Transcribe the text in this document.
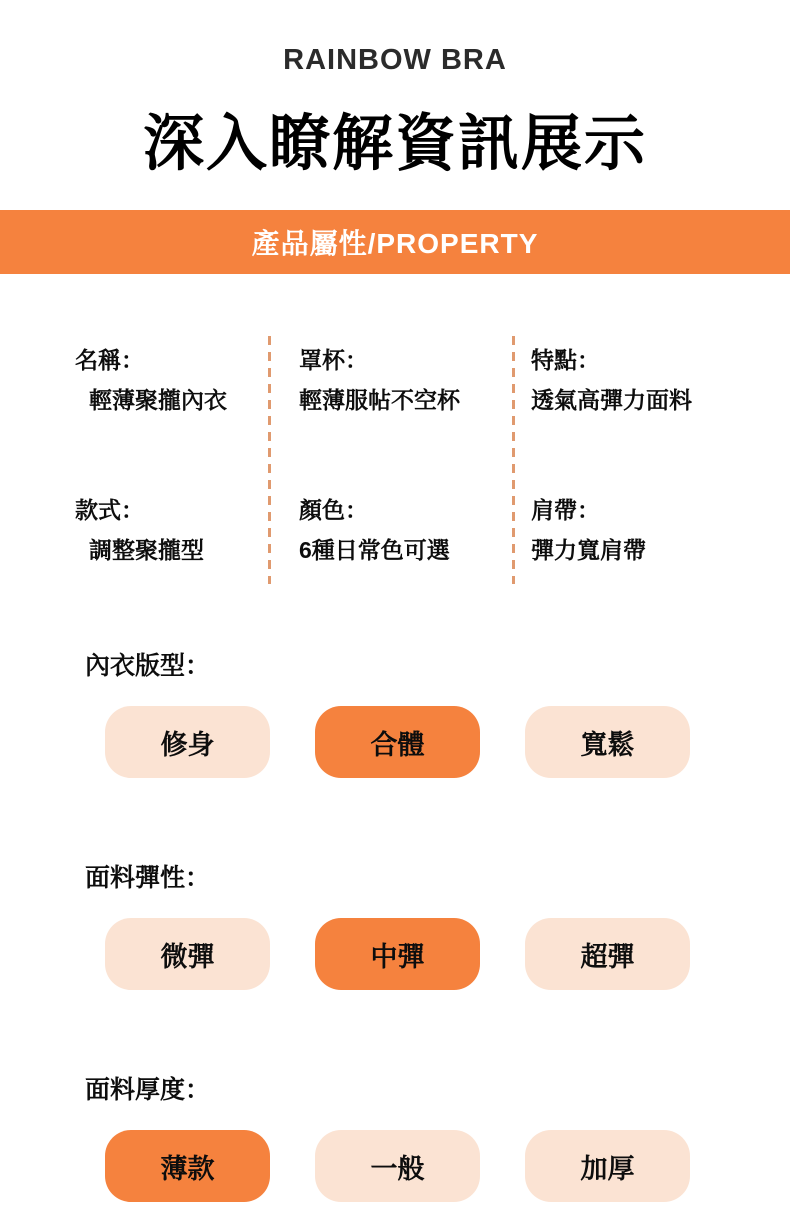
RAINBOW BRA
深入瞭解資訊展示
產品屬性/PROPERTY
名稱：
輕薄聚攏內衣
款式：
調整聚攏型
罩杯：
輕薄服帖不空杯
顏色：
6種日常色可選
特點：
透氣高彈力面料
肩帶：
彈力寬肩帶
內衣版型：
修身	合體	寬鬆
面料彈性：
微彈	中彈	超彈
面料厚度：
薄款	一般	加厚
